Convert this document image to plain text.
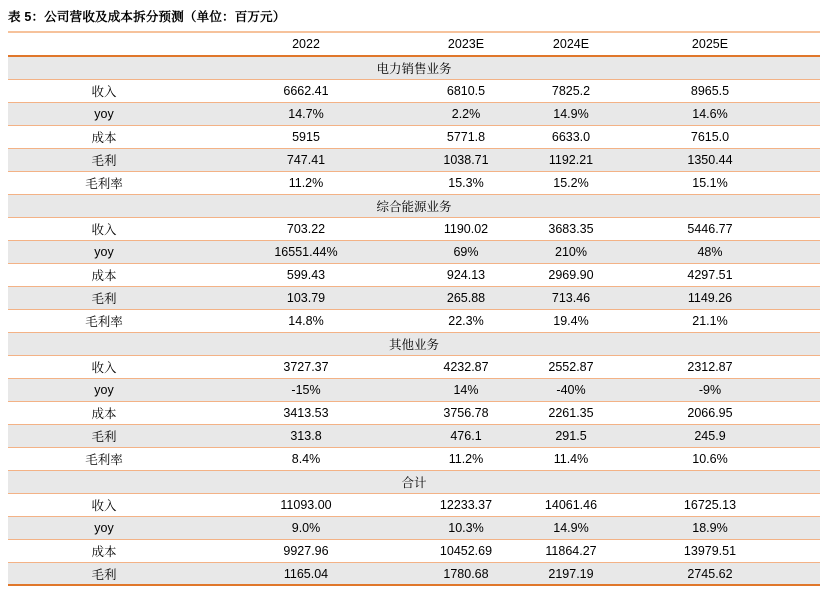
表 5：公司营收及成本拆分预测（单位：百万元）
2022	2023E	2024E	2025E
电力销售业务
收入	6662.41	6810.5	7825.2	8965.5
yoy	14.7%	2.2%	14.9%	14.6%
成本	5915	5771.8	6633.0	7615.0
毛利	747.41	1038.71	1192.21	1350.44
毛利率	11.2%	15.3%	15.2%	15.1%
综合能源业务
收入	703.22	1190.02	3683.35	5446.77
yoy	16551.44%	69%	210%	48%
成本	599.43	924.13	2969.90	4297.51
毛利	103.79	265.88	713.46	1149.26
毛利率	14.8%	22.3%	19.4%	21.1%
其他业务
收入	3727.37	4232.87	2552.87	2312.87
yoy	-15%	14%	-40%	-9%
成本	3413.53	3756.78	2261.35	2066.95
毛利	313.8	476.1	291.5	245.9
毛利率	8.4%	11.2%	11.4%	10.6%
合计
收入	11093.00	12233.37	14061.46	16725.13
yoy	9.0%	10.3%	14.9%	18.9%
成本	9927.96	10452.69	11864.27	13979.51
毛利	1165.04	1780.68	2197.19	2745.62
